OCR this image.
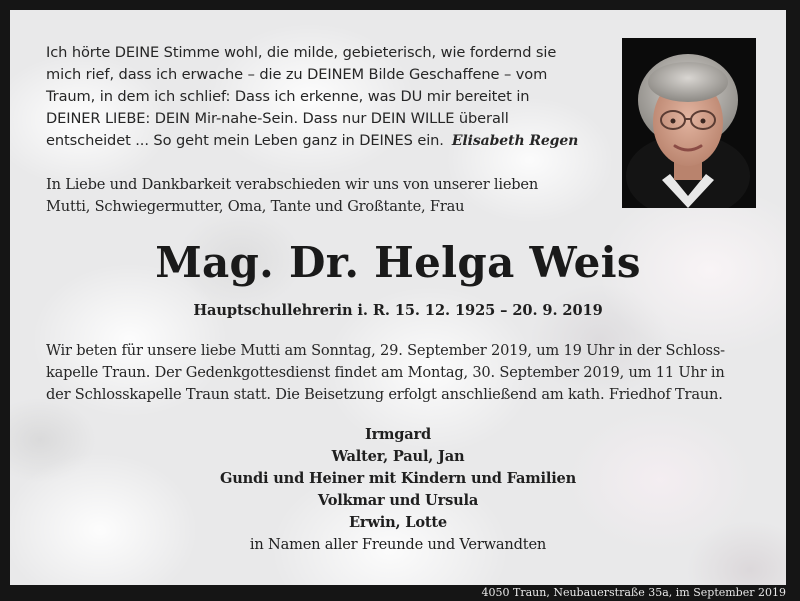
Ich hörte DEINE Stimme wohl, die milde, gebieterisch, wie fordernd sie
mich rief, dass ich erwache – die zu DEINEM Bilde Geschaffene – vom
Traum, in dem ich schlief: Dass ich erkenne, was DU mir bereitet in
DEINER LIEBE: DEIN Mir-nahe-Sein. Dass nur DEIN WILLE überall
entscheidet ... So geht mein Leben ganz in DEINES ein. Elisabeth Regen
In Liebe und Dankbarkeit verabschieden wir uns von unserer lieben
Mutti, Schwiegermutter, Oma, Tante und Großtante, Frau
Mag. Dr. Helga Weis
Hauptschullehrerin i. R. 15. 12. 1925 – 20. 9. 2019
Wir beten für unsere liebe Mutti am Sonntag, 29. September 2019, um 19 Uhr in der Schloss-
kapelle Traun. Der Gedenkgottesdienst findet am Montag, 30. September 2019, um 11 Uhr in
der Schlosskapelle Traun statt. Die Beisetzung erfolgt anschließend am kath. Friedhof Traun.
Irmgard
Walter, Paul, Jan
Gundi und Heiner mit Kindern und Familien
Volkmar und Ursula
Erwin, Lotte
in Namen aller Freunde und Verwandten
4050 Traun, Neubauerstraße 35a, im September 2019
